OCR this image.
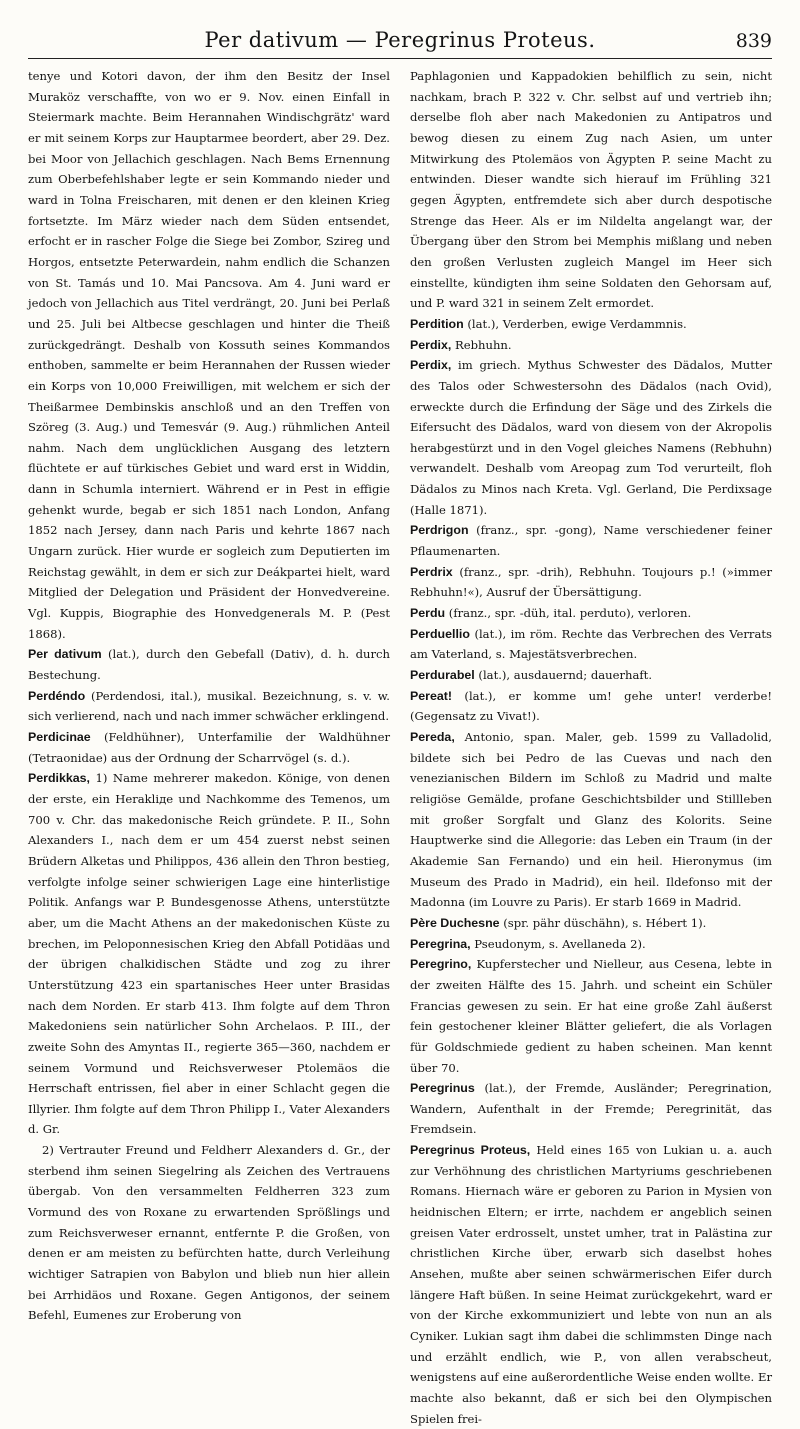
Per dativum — Peregrinus Proteus.	839

tenye und Kotori davon, der ihm den Besitz der Insel Muraköz verschaffte, von wo er 9. Nov. einen Einfall in Steiermark machte. Beim Herannahen Windischgrätz' ward er mit seinem Korps zur Hauptarmee beordert, aber 29. Dez. bei Moor von Jellachich geschlagen. Nach Bems Ernennung zum Oberbefehlshaber legte er sein Kommando nieder und ward in Tolna Freischaren, mit denen er den kleinen Krieg fortsetzte. Im März wieder nach dem Süden entsendet, erfocht er in rascher Folge die Siege bei Zombor, Szireg und Horgos, entsetzte Peterwardein, nahm endlich die Schanzen von St. Tamás und 10. Mai Pancsova. Am 4. Juni ward er jedoch von Jellachich aus Titel verdrängt, 20. Juni bei Perlaß und 25. Juli bei Altbecse geschlagen und hinter die Theiß zurückgedrängt. Deshalb von Kossuth seines Kommandos enthoben, sammelte er beim Herannahen der Russen wieder ein Korps von 10,000 Freiwilligen, mit welchem er sich der Theißarmee Dembinskis anschloß und an den Treffen von Szöreg (3. Aug.) und Temesvár (9. Aug.) rühmlichen Anteil nahm. Nach dem unglücklichen Ausgang des letztern flüchtete er auf türkisches Gebiet und ward erst in Widdin, dann in Schumla interniert. Während er in Pest in effigie gehenkt wurde, begab er sich 1851 nach London, Anfang 1852 nach Jersey, dann nach Paris und kehrte 1867 nach Ungarn zurück. Hier wurde er sogleich zum Deputierten im Reichstag gewählt, in dem er sich zur Deákpartei hielt, ward Mitglied der Delegation und Präsident der Honvedvereine. Vgl. Kuppis, Biographie des Honvedgenerals M. P. (Pest 1868).

Per dativum (lat.), durch den Gebefall (Dativ), d. h. durch Bestechung.

Perdéndo (Perdendosi, ital.), musikal. Bezeichnung, s. v. w. sich verlierend, nach und nach immer schwächer erklingend.

Perdicinae (Feldhühner), Unterfamilie der Waldhühner (Tetraonidae) aus der Ordnung der Scharrvögel (s. d.).

Perdikkas, 1) Name mehrerer makedon. Könige, von denen der erste, ein Herakliде und Nachkomme des Temenos, um 700 v. Chr. das makedonische Reich gründete. P. II., Sohn Alexanders I., nach dem er um 454 zuerst nebst seinen Brüdern Alketas und Philippos, 436 allein den Thron bestieg, verfolgte infolge seiner schwierigen Lage eine hinterlistige Politik. Anfangs war P. Bundesgenosse Athens, unterstützte aber, um die Macht Athens an der makedonischen Küste zu brechen, im Peloponnesischen Krieg den Abfall Potidäas und der übrigen chalkidischen Städte und zog zu ihrer Unterstützung 423 ein spartanisches Heer unter Brasidas nach dem Norden. Er starb 413. Ihm folgte auf dem Thron Makedoniens sein natürlicher Sohn Archelaos. P. III., der zweite Sohn des Amyntas II., regierte 365—360, nachdem er seinem Vormund und Reichsverweser Ptolemäos die Herrschaft entrissen, fiel aber in einer Schlacht gegen die Illyrier. Ihm folgte auf dem Thron Philipp I., Vater Alexanders d. Gr.

2) Vertrauter Freund und Feldherr Alexanders d. Gr., der sterbend ihm seinen Siegelring als Zeichen des Vertrauens übergab. Von den versammelten Feldherren 323 zum Vormund des von Roxane zu erwartenden Sprößlings und zum Reichsverweser ernannt, entfernte P. die Großen, von denen er am meisten zu befürchten hatte, durch Verleihung wichtiger Satrapien von Babylon und blieb nun hier allein bei Arrhidäos und Roxane. Gegen Antigonos, der seinem Befehl, Eumenes zur Eroberung von

Paphlagonien und Kappadokien behilflich zu sein, nicht nachkam, brach P. 322 v. Chr. selbst auf und vertrieb ihn; derselbe floh aber nach Makedonien zu Antipatros und bewog diesen zu einem Zug nach Asien, um unter Mitwirkung des Ptolemäos von Ägypten P. seine Macht zu entwinden. Dieser wandte sich hierauf im Frühling 321 gegen Ägypten, entfremdete sich aber durch despotische Strenge das Heer. Als er im Nildelta angelangt war, der Übergang über den Strom bei Memphis mißlang und neben den großen Verlusten zugleich Mangel im Heer sich einstellte, kündigten ihm seine Soldaten den Gehorsam auf, und P. ward 321 in seinem Zelt ermordet.

Perdition (lat.), Verderben, ewige Verdammnis.

Perdix, Rebhuhn.

Perdix, im griech. Mythus Schwester des Dädalos, Mutter des Talos oder Schwestersohn des Dädalos (nach Ovid), erweckte durch die Erfindung der Säge und des Zirkels die Eifersucht des Dädalos, ward von diesem von der Akropolis herabgestürzt und in den Vogel gleiches Namens (Rebhuhn) verwandelt. Deshalb vom Areopag zum Tod verurteilt, floh Dädalos zu Minos nach Kreta. Vgl. Gerland, Die Perdixsage (Halle 1871).

Perdrigon (franz., spr. -gong), Name verschiedener feiner Pflaumenarten.

Perdrix (franz., spr. -drih), Rebhuhn. Toujours p.! (»immer Rebhuhn!«), Ausruf der Übersättigung.

Perdu (franz., spr. -düh, ital. perduto), verloren.

Perduellio (lat.), im röm. Rechte das Verbrechen des Verrats am Vaterland, s. Majestätsverbrechen.

Perdurabel (lat.), ausdauernd; dauerhaft.

Pereat! (lat.), er komme um! gehe unter! verderbe! (Gegensatz zu Vivat!).

Pereda, Antonio, span. Maler, geb. 1599 zu Valladolid, bildete sich bei Pedro de las Cuevas und nach den venezianischen Bildern im Schloß zu Madrid und malte religiöse Gemälde, profane Geschichtsbilder und Stillleben mit großer Sorgfalt und Glanz des Kolorits. Seine Hauptwerke sind die Allegorie: das Leben ein Traum (in der Akademie San Fernando) und ein heil. Hieronymus (im Museum des Prado in Madrid), ein heil. Ildefonso mit der Madonna (im Louvre zu Paris). Er starb 1669 in Madrid.

Père Duchesne (spr. pähr düschähn), s. Hébert 1).

Peregrina, Pseudonym, s. Avellaneda 2).

Peregrino, Kupferstecher und Nielleur, aus Cesena, lebte in der zweiten Hälfte des 15. Jahrh. und scheint ein Schüler Francias gewesen zu sein. Er hat eine große Zahl äußerst fein gestochener kleiner Blätter geliefert, die als Vorlagen für Goldschmiede gedient zu haben scheinen. Man kennt über 70.

Peregrinus (lat.), der Fremde, Ausländer; Peregrination, Wandern, Aufenthalt in der Fremde; Peregrinität, das Fremdsein.

Peregrinus Proteus, Held eines 165 von Lukian u. a. auch zur Verhöhnung des christlichen Martyriums geschriebenen Romans. Hiernach wäre er geboren zu Parion in Mysien von heidnischen Eltern; er irrte, nachdem er angeblich seinen greisen Vater erdrosselt, unstet umher, trat in Palästina zur christlichen Kirche über, erwarb sich daselbst hohes Ansehen, mußte aber seinen schwärmerischen Eifer durch längere Haft büßen. In seine Heimat zurückgekehrt, ward er von der Kirche exkommuniziert und lebte von nun an als Cyniker. Lukian sagt ihm dabei die schlimmsten Dinge nach und erzählt endlich, wie P., von allen verabscheut, wenigstens auf eine außerordentliche Weise enden wollte. Er machte also bekannt, daß er sich bei den Olympischen Spielen frei-
